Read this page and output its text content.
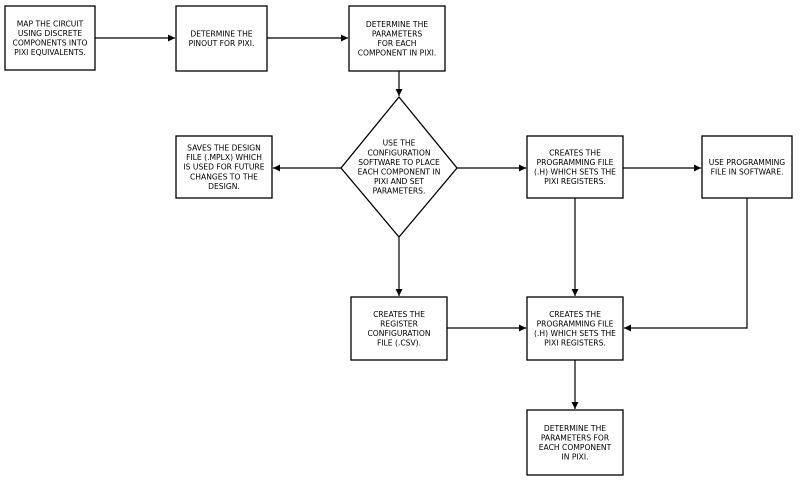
MAP THE CIRCUIT USING DISCRETE COMPONENTS INTO PIXI EQUIVALENTS.
DETERMINE THE PINOUT FOR PIXI.
DETERMINE THE PARAMETERS FOR EACH COMPONENT IN PIXI.
USE THE CONFIGURATION SOFTWARE TO PLACE EACH COMPONENT IN PIXI AND SET PARAMETERS.
SAVES THE DESIGN FILE (.MPLX) WHICH IS USED FOR FUTURE CHANGES TO THE DESIGN.
CREATES THE PROGRAMMING FILE (.H) WHICH SETS THE PIXI REGISTERS.
USE PROGRAMMING FILE IN SOFTWARE.
CREATES THE REGISTER CONFIGURATION FILE (.CSV).
CREATES THE PROGRAMMING FILE (.H) WHICH SETS THE PIXI REGISTERS.
DETERMINE THE PARAMETERS FOR EACH COMPONENT IN PIXI.
